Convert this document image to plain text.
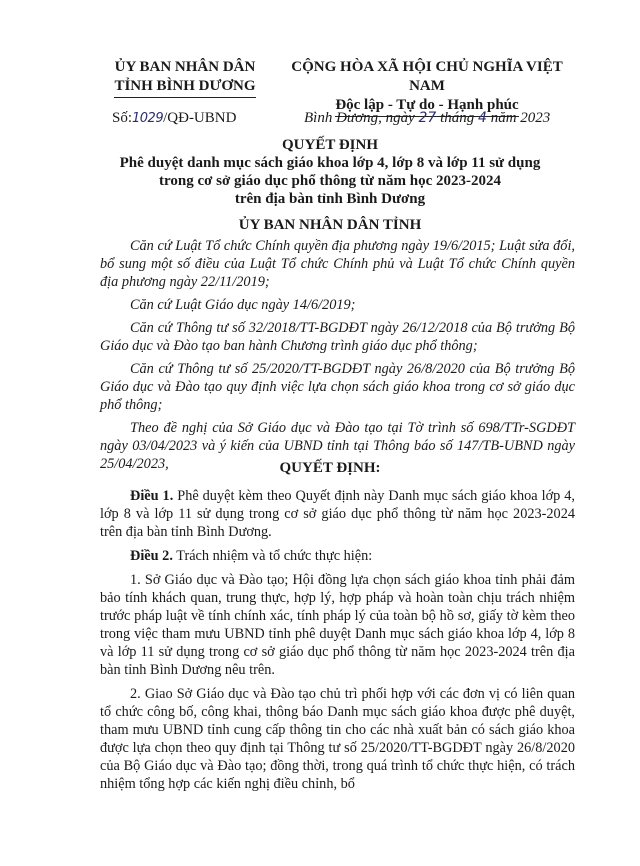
ỦY BAN NHÂN DÂN
TỈNH BÌNH DƯƠNG
CỘNG HÒA XÃ HỘI CHỦ NGHĨA VIỆT NAM
Độc lập - Tự do - Hạnh phúc
Số:1029/QĐ-UBND	Bình Dương, ngày 27 tháng 4 năm 2023
QUYẾT ĐỊNH
Phê duyệt danh mục sách giáo khoa lớp 4, lớp 8 và lớp 11 sử dụng
trong cơ sở giáo dục phổ thông từ năm học 2023-2024
trên địa bàn tỉnh Bình Dương
ỦY BAN NHÂN DÂN TỈNH

Căn cứ Luật Tổ chức Chính quyền địa phương ngày 19/6/2015; Luật sửa đổi, bổ sung một số điều của Luật Tổ chức Chính phủ và Luật Tổ chức Chính quyền địa phương ngày 22/11/2019;

Căn cứ Luật Giáo dục ngày 14/6/2019;

Căn cứ Thông tư số 32/2018/TT-BGDĐT ngày 26/12/2018 của Bộ trưởng Bộ Giáo dục và Đào tạo ban hành Chương trình giáo dục phổ thông;

Căn cứ Thông tư số 25/2020/TT-BGDĐT ngày 26/8/2020 của Bộ trưởng Bộ Giáo dục và Đào tạo quy định việc lựa chọn sách giáo khoa trong cơ sở giáo dục phổ thông;

Theo đề nghị của Sở Giáo dục và Đào tạo tại Tờ trình số 698/TTr-SGDĐT ngày 03/04/2023 và ý kiến của UBND tỉnh tại Thông báo số 147/TB-UBND ngày 25/04/2023,	QUYẾT ĐỊNH:

Điều 1. Phê duyệt kèm theo Quyết định này Danh mục sách giáo khoa lớp 4, lớp 8 và lớp 11 sử dụng trong cơ sở giáo dục phổ thông từ năm học 2023-2024 trên địa bàn tỉnh Bình Dương.

Điều 2. Trách nhiệm và tổ chức thực hiện:

1. Sở Giáo dục và Đào tạo; Hội đồng lựa chọn sách giáo khoa tỉnh phải đảm bảo tính khách quan, trung thực, hợp lý, hợp pháp và hoàn toàn chịu trách nhiệm trước pháp luật về tính chính xác, tính pháp lý của toàn bộ hồ sơ, giấy tờ kèm theo trong việc tham mưu UBND tỉnh phê duyệt Danh mục sách giáo khoa lớp 4, lớp 8 và lớp 11 sử dụng trong cơ sở giáo dục phổ thông từ năm học 2023-2024 trên địa bàn tỉnh Bình Dương nêu trên.

2. Giao Sở Giáo dục và Đào tạo chủ trì phối hợp với các đơn vị có liên quan tổ chức công bố, công khai, thông báo Danh mục sách giáo khoa được phê duyệt, tham mưu UBND tỉnh cung cấp thông tin cho các nhà xuất bản có sách giáo khoa được lựa chọn theo quy định tại Thông tư số 25/2020/TT-BGDĐT ngày 26/8/2020 của Bộ Giáo dục và Đào tạo; đồng thời, trong quá trình tổ chức thực hiện, có trách nhiệm tổng hợp các kiến nghị điều chỉnh, bổ
